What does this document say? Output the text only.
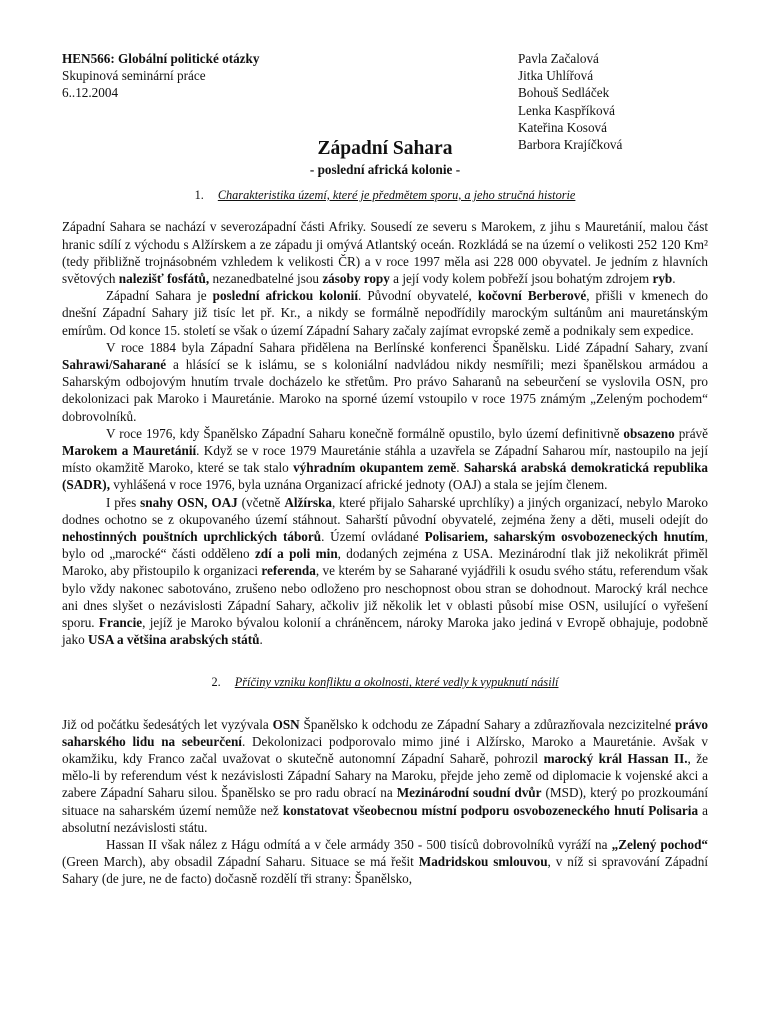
HEN566: Globální politické otázky
Skupinová seminární práce
6..12.2004
Pavla Začalová
Jitka Uhlířová
Bohouš Sedláček
Lenka Kaspříková
Kateřina Kosová
Barbora Krajíčková
Západní Sahara
- poslední africká kolonie -
1. Charakteristika území, které je předmětem sporu, a jeho stručná historie

Západní Sahara se nachází v severozápadní části Afriky. Sousedí ze severu s Marokem, z jihu s Mauretánií, malou část hranic sdílí z východu s Alžírskem a ze západu ji omývá Atlantský oceán. Rozkládá se na území o velikosti 252 120 Km² (tedy přibližně trojnásobném vzhledem k velikosti ČR) a v roce 1997 měla asi 228 000 obyvatel. Je jedním z hlavních světových nalezišť fosfátů, nezanedbatelné jsou zásoby ropy a její vody kolem pobřeží jsou bohatým zdrojem ryb.

Západní Sahara je poslední africkou kolonií. Původní obyvatelé, kočovní Berberové, přišli v kmenech do dnešní Západní Sahary již tisíc let př. Kr., a nikdy se formálně nepodřídily marockým sultánům ani mauretánským emírům. Od konce 15. století se však o území Západní Sahary začaly zajímat evropské země a podnikaly sem expedice.

V roce 1884 byla Západní Sahara přidělena na Berlínské konferenci Španělsku. Lidé Západní Sahary, zvaní Sahrawi/Saharané a hlásící se k islámu, se s koloniální nadvládou nikdy nesmířili; mezi španělskou armádou a Saharským odbojovým hnutím trvale docházelo ke střetům. Pro právo Saharanů na sebeurčení se vyslovila OSN, pro dekolonizaci pak Maroko i Mauretánie. Maroko na sporné území vstoupilo v roce 1975 známým „Zeleným pochodem“ dobrovolníků.

V roce 1976, kdy Španělsko Západní Saharu konečně formálně opustilo, bylo území definitivně obsazeno právě Marokem a Mauretánií. Když se v roce 1979 Mauretánie stáhla a uzavřela se Západní Saharou mír, nastoupilo na její místo okamžitě Maroko, které se tak stalo výhradním okupantem země. Saharská arabská demokratická republika (SADR), vyhlášená v roce 1976, byla uznána Organizací africké jednoty (OAJ) a stala se jejím členem.

I přes snahy OSN, OAJ (včetně Alžírska, které přijalo Saharské uprchlíky) a jiných organizací, nebylo Maroko dodnes ochotno se z okupovaného území stáhnout. Saharští původní obyvatelé, zejména ženy a děti, museli odejít do nehostinných pouštních uprchlických táborů. Území ovládané Polisariem, saharským osvobozeneckých hnutím, bylo od „marocké“ části odděleno zdí a poli min, dodaných zejména z USA. Mezinárodní tlak již nekolikrát přiměl Maroko, aby přistoupilo k organizaci referenda, ve kterém by se Saharané vyjádřili k osudu svého státu, referendum však bylo vždy nakonec sabotováno, zrušeno nebo odloženo pro neschopnost obou stran se dohodnout. Marocký král nechce ani dnes slyšet o nezávislosti Západní Sahary, ačkoliv již několik let v oblasti působí mise OSN, usilující o vyřešení sporu. Francie, jejíž je Maroko bývalou kolonií a chráněncem, nároky Maroka jako jediná v Evropě obhajuje, podobně jako USA a většina arabských států.

2. Příčiny vzniku konfliktu a okolnosti, které vedly k vypuknutí násilí

Již od počátku šedesátých let vyzývala OSN Španělsko k odchodu ze Západní Sahary a zdůrazňovala nezcizitelné právo saharského lidu na sebeurčení. Dekolonizaci podporovalo mimo jiné i Alžírsko, Maroko a Mauretánie. Avšak v okamžiku, kdy Franco začal uvažovat o skutečně autonomní Západní Saharě, pohrozil marocký král Hassan II., že mělo-li by referendum vést k nezávislosti Západní Sahary na Maroku, přejde jeho země od diplomacie k vojenské akci a zabere Západní Saharu silou. Španělsko se pro radu obrací na Mezinárodní soudní dvůr (MSD), který po prozkoumání situace na saharském území nemůže než konstatovat všeobecnou místní podporu osvobozeneckého hnutí Polisaria a absolutní nezávislosti státu.

Hassan II však nález z Hágu odmítá a v čele armády 350 - 500 tisíců dobrovolníků vyráží na „Zelený pochod“ (Green March), aby obsadil Západní Saharu. Situace se má řešit Madridskou smlouvou, v níž si spravování Západní Sahary (de jure, ne de facto) dočasně rozdělí tři strany: Španělsko,
